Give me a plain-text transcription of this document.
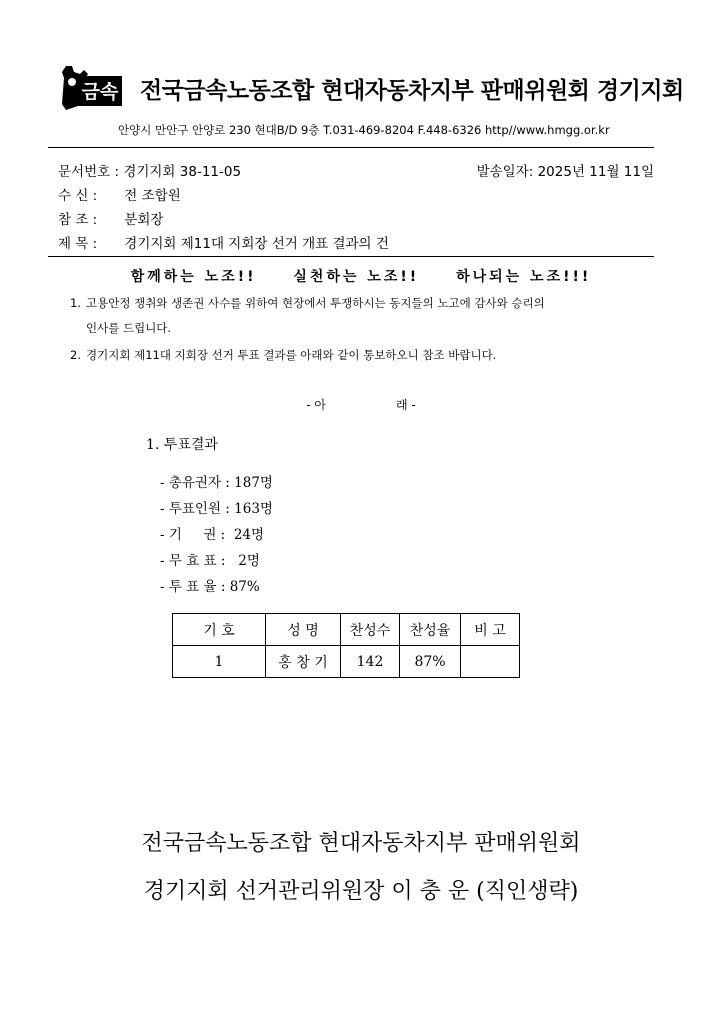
금속 전국금속노동조합 현대자동차지부 판매위원회 경기지회
안양시 만안구 안양로 230 현대B/D 9층 T.031-469-8204 F.448-6326 http//www.hmgg.or.kr
문서번호 : 경기지회 38-11-05	발송일자: 2025년 11월 11일
수 신 : 전 조합원
참 조 : 분회장
제 목 : 경기지회 제11대 지회장 선거 개표 결과의 건
함께하는 노조!!	실천하는 노조!!	하나되는 노조!!!
1. 고용안정 쟁취와 생존권 사수를 위하여 현장에서 투쟁하시는 동지들의 노고에 감사와 승리의
인사를 드립니다.
2. 경기지회 제11대 지회장 선거 투표 결과를 아래와 같이 통보하오니 참조 바랍니다.
- 아	래 -
1. 투표결과
- 총유권자 : 187명
- 투표인원 : 163명
- 기     권 :  24명
- 무 효 표 :   2명
- 투 표 율 : 87%
기 호	성 명	찬성수	찬성율	비 고
1	홍 창 기	142	87%	
전국금속노동조합 현대자동차지부 판매위원회
경기지회 선거관리위원장 이 충 운 (직인생략)
